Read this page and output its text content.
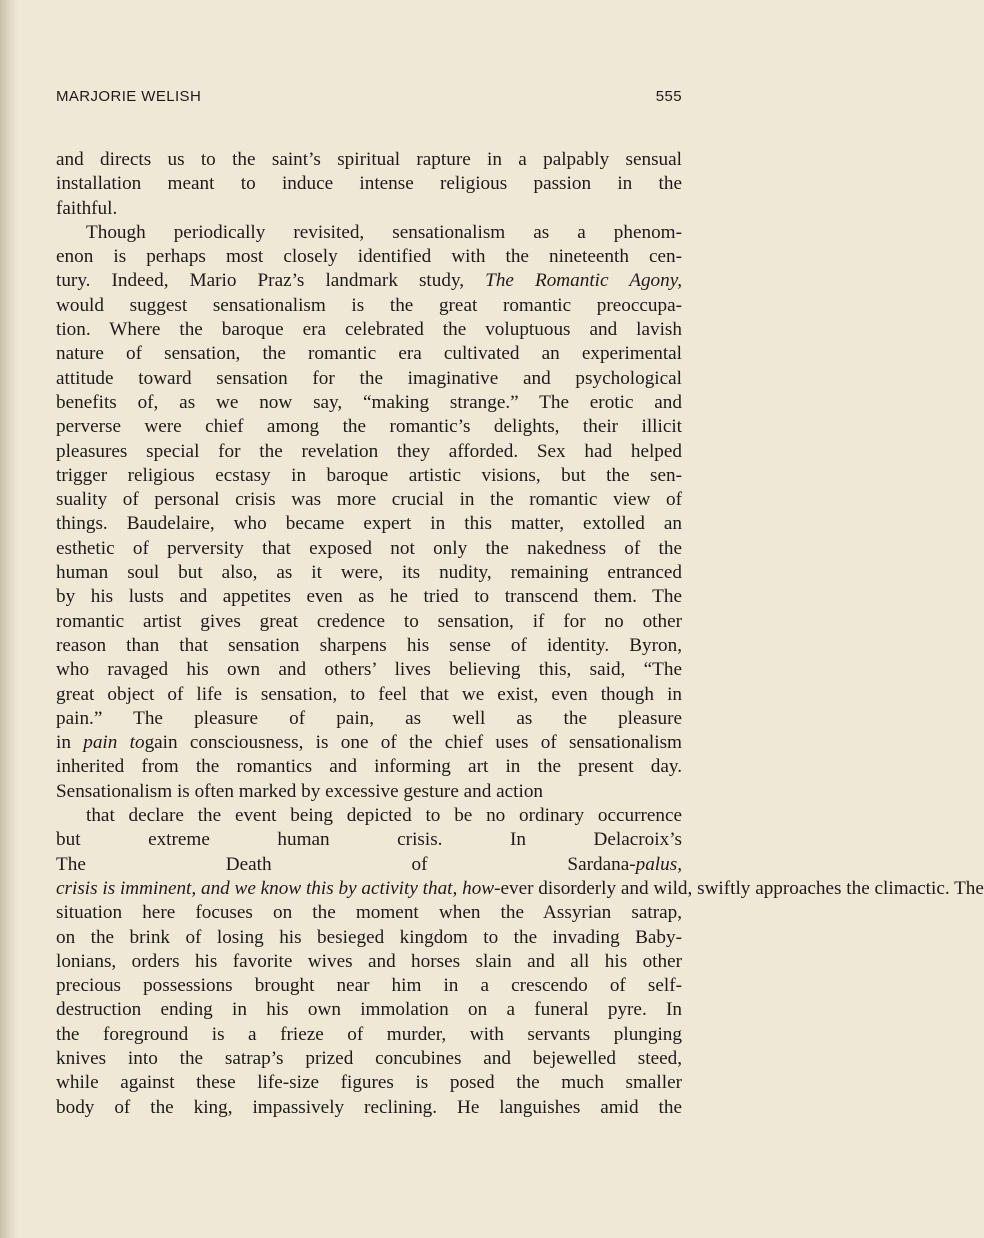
MARJORIE WELISH	555
and directs us to the saint’s spiritual rapture in a palpably sensual
installation meant to induce intense religious passion in the
faithful.
Though periodically revisited, sensationalism as a phenom-
enon is perhaps most closely identified with the nineteenth cen-
tury. Indeed, Mario Praz’s landmark study, The Romantic Agony,
would suggest sensationalism is the great romantic preoccupa-
tion. Where the baroque era celebrated the voluptuous and lavish
nature of sensation, the romantic era cultivated an experimental
attitude toward sensation for the imaginative and psychological
benefits of, as we now say, “making strange.” The erotic and
perverse were chief among the romantic’s delights, their illicit
pleasures special for the revelation they afforded. Sex had helped
trigger religious ecstasy in baroque artistic visions, but the sen-
suality of personal crisis was more crucial in the romantic view of
things. Baudelaire, who became expert in this matter, extolled an
esthetic of perversity that exposed not only the nakedness of the
human soul but also, as it were, its nudity, remaining entranced
by his lusts and appetites even as he tried to transcend them. The
romantic artist gives great credence to sensation, if for no other
reason than that sensation sharpens his sense of identity. Byron,
who ravaged his own and others’ lives believing this, said, “The
great object of life is sensation, to feel that we exist, even though in
pain.” The pleasure of pain, as well as the pleasure
in pain togain consciousness, is one of the chief uses of sensationalism
inherited from the romantics and informing art in the present day.
Sensationalism is often marked by excessive gesture and action
that declare the event being depicted to be no ordinary occurrence
but extreme human crisis. In Delacroix’s
The Death of Sardana-palus,
crisis is imminent, and we know this by activity that, how-ever disorderly and wild, swiftly approaches the climactic. The
situation here focuses on the moment when the Assyrian satrap,
on the brink of losing his besieged kingdom to the invading Baby-
lonians, orders his favorite wives and horses slain and all his other
precious possessions brought near him in a crescendo of self-
destruction ending in his own immolation on a funeral pyre. In
the foreground is a frieze of murder, with servants plunging
knives into the satrap’s prized concubines and bejewelled steed,
while against these life-size figures is posed the much smaller
body of the king, impassively reclining. He languishes amid the
